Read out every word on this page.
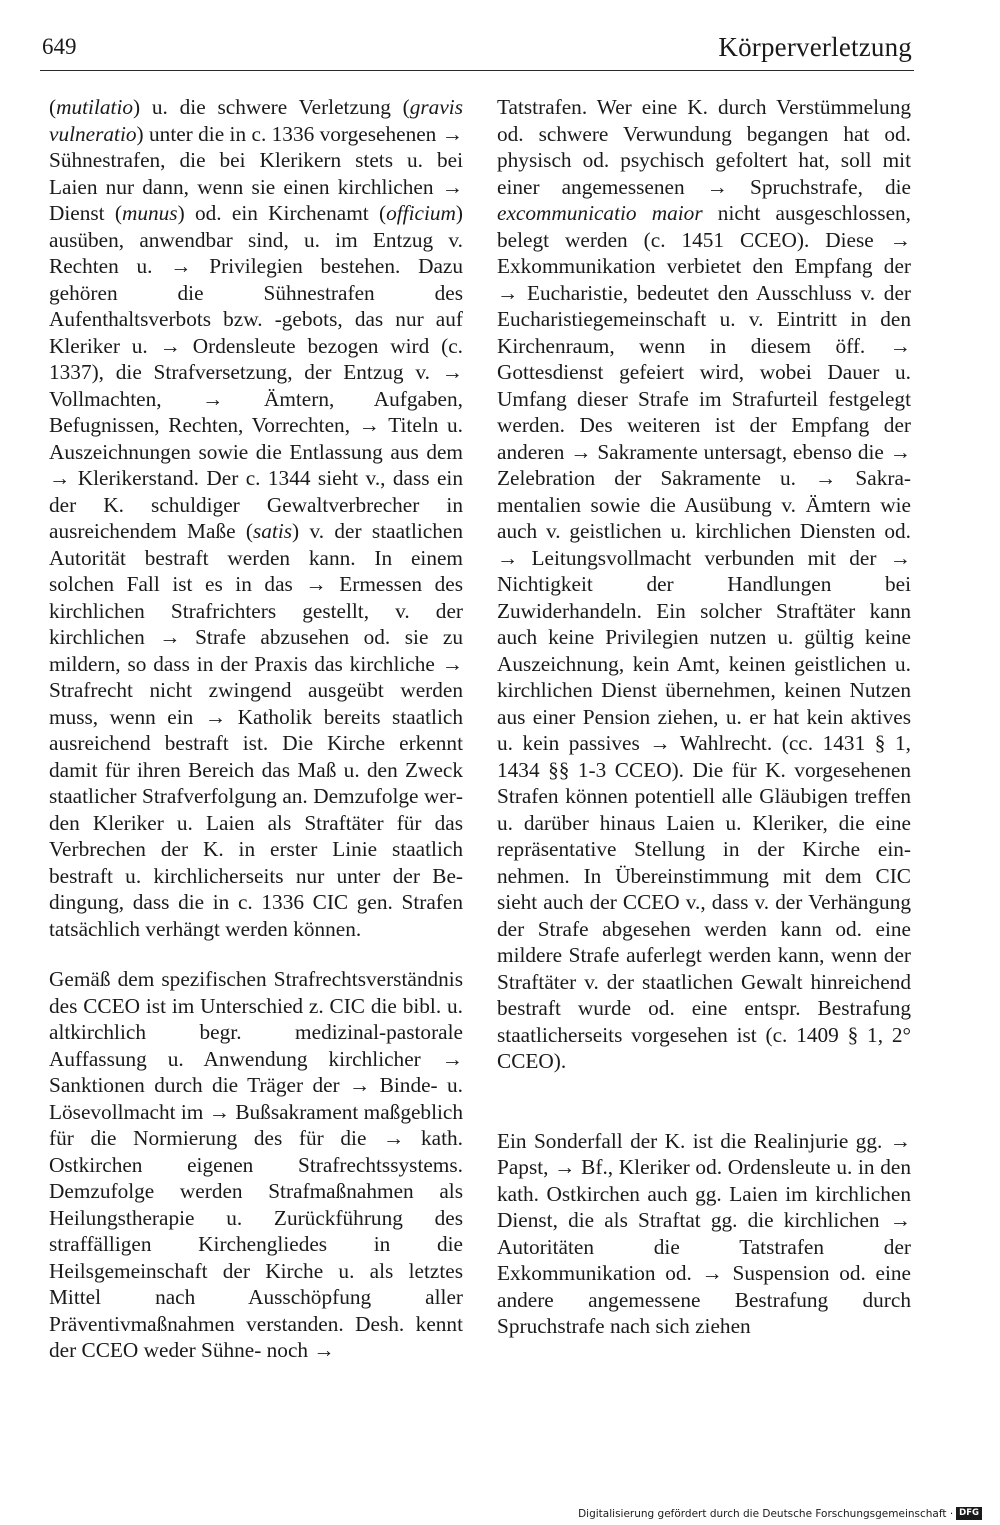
649	Körperverletzung

(mutilatio) u. die schwere Verletzung (gravis vulneratio) unter die in c. 1336 vorgesehenen → Sühnestrafen, die bei Klerikern stets u. bei Laien nur dann, wenn sie einen kirchlichen → Dienst (munus) od. ein Kirchenamt (officium) ausüben, anwendbar sind, u. im Entzug v. Rechten u. → Privilegien bestehen. Dazu gehören die Sühnestrafen des Aufenthaltsverbots bzw. -gebots, das nur auf Kleriker u. → Ordensleute bezogen wird (c. 1337), die Strafversetzung, der Entzug v. → Vollmachten, → Ämtern, Aufgaben, Befugnissen, Rechten, Vorrechten, → Titeln u. Auszeichnungen sowie die Entlassung aus dem → Klerikerstand. Der c. 1344 sieht v., dass ein der K. schuldiger Gewaltverbrecher in ausreichendem Maße (satis) v. der staatlichen Autorität bestraft werden kann. In einem solchen Fall ist es in das → Ermessen des kirchlichen Strafrichters gestellt, v. der kirchlichen → Strafe abzusehen od. sie zu mildern, so dass in der Praxis das kirchliche → Strafrecht nicht zwingend ausgeübt werden muss, wenn ein → Katholik bereits staatlich ausreichend bestraft ist. Die Kirche erkennt damit für ihren Bereich das Maß u. den Zweck staatlicher Strafverfolgung an. Demzufolge werden Kleriker u. Laien als Straftäter für das Verbrechen der K. in erster Linie staatlich bestraft u. kirchlicherseits nur unter der Bedingung, dass die in c. 1336 CIC gen. Strafen tatsächlich verhängt werden können.

Gemäß dem spezifischen Strafrechtsverständnis des CCEO ist im Unterschied z. CIC die bibl. u. altkirchlich begr. medizinal-pastorale Auffassung u. Anwendung kirchlicher → Sanktionen durch die Träger der → Binde- u. Lösevollmacht im → Bußsakrament maßgeblich für die Normierung des für die → kath. Ostkirchen eigenen Strafrechtssystems. Demzufolge werden Strafmaßnahmen als Heilungstherapie u. Zurückführung des straffälligen Kirchengliedes in die Heilsgemeinschaft der Kirche u. als letztes Mittel nach Ausschöpfung aller Präventivmaßnahmen verstanden. Desh. kennt der CCEO weder Sühne- noch →

Tatstrafen. Wer eine K. durch Verstümmelung od. schwere Verwundung begangen hat od. physisch od. psychisch gefoltert hat, soll mit einer angemessenen → Spruchstrafe, die excommunicatio maior nicht ausgeschlossen, belegt werden (c. 1451 CCEO). Diese → Exkommunikation verbietet den Empfang der → Eucharistie, bedeutet den Ausschluss v. der Eucharistiegemeinschaft u. v. Eintritt in den Kirchenraum, wenn in diesem öff. → Gottesdienst gefeiert wird, wobei Dauer u. Umfang dieser Strafe im Strafurteil festgelegt werden. Des weiteren ist der Empfang der anderen → Sakramente untersagt, ebenso die → Zelebration der Sakramente u. → Sakramentalien sowie die Ausübung v. Ämtern wie auch v. geistlichen u. kirchlichen Diensten od. → Leitungsvollmacht verbunden mit der → Nichtigkeit der Handlungen bei Zuwiderhandeln. Ein solcher Straftäter kann auch keine Privilegien nutzen u. gültig keine Auszeichnung, kein Amt, keinen geistlichen u. kirchlichen Dienst übernehmen, keinen Nutzen aus einer Pension ziehen, u. er hat kein aktives u. kein passives → Wahlrecht. (cc. 1431 § 1, 1434 §§ 1-3 CCEO). Die für K. vorgesehenen Strafen können potentiell alle Gläubigen treffen u. darüber hinaus Laien u. Kleriker, die eine repräsentative Stellung in der Kirche einnehmen. In Übereinstimmung mit dem CIC sieht auch der CCEO v., dass v. der Verhängung der Strafe abgesehen werden kann od. eine mildere Strafe auferlegt werden kann, wenn der Straftäter v. der staatlichen Gewalt hinreichend bestraft wurde od. eine entspr. Bestrafung staatlicherseits vorgesehen ist (c. 1409 § 1, 2° CCEO).

Ein Sonderfall der K. ist die Realinjurie gg. → Papst, → Bf., Kleriker od. Ordensleute u. in den kath. Ostkirchen auch gg. Laien im kirchlichen Dienst, die als Straftat gg. die kirchlichen → Autoritäten die Tatstrafen der Exkommunikation od. → Suspension od. eine andere angemessene Bestrafung durch Spruchstrafe nach sich ziehen

Digitalisierung gefördert durch die Deutsche Forschungsgemeinschaft · DFG
